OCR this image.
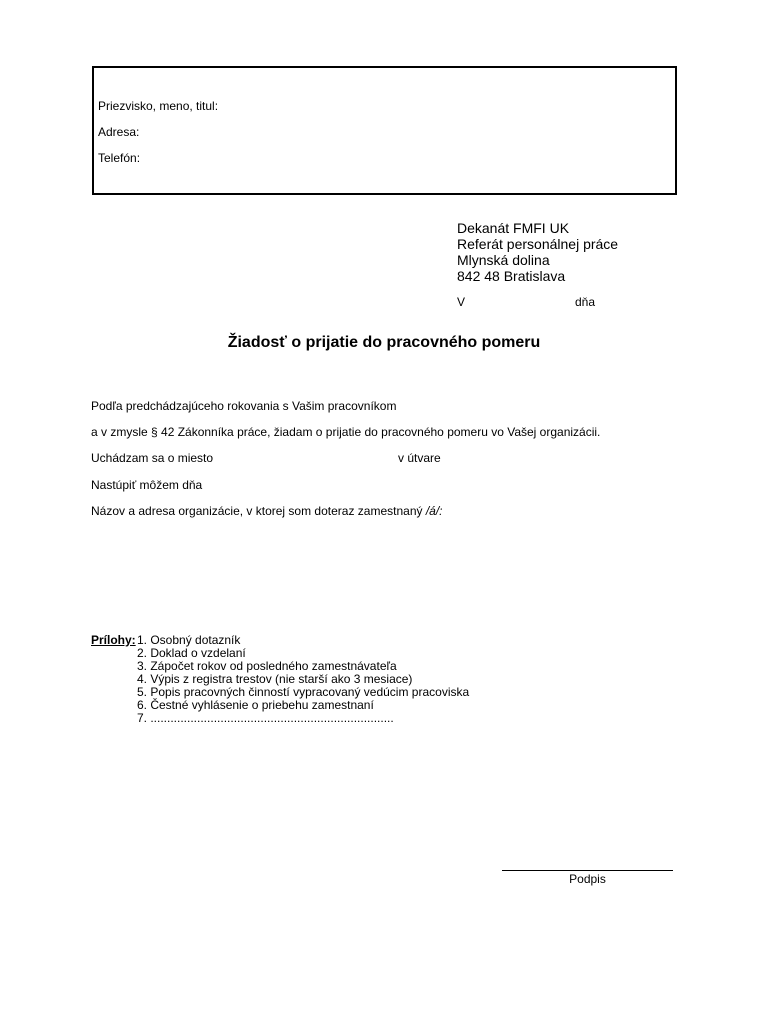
Priezvisko, meno, titul:
Adresa:
Telefón:
Dekanát FMFI UK
Referát personálnej práce
Mlynská dolina
842 48 Bratislava
V	dňa
Žiadosť o prijatie do pracovného pomeru
Podľa predchádzajúceho rokovania s Vašim pracovníkom
a v zmysle § 42 Zákonníka práce, žiadam o prijatie do pracovného pomeru vo Vašej organizácii.
Uchádzam sa o miesto	v útvare
Nastúpiť môžem dňa
Názov a adresa organizácie, v ktorej som doteraz zamestnaný /á/:
Prílohy: 1. Osobný dotazník
2. Doklad o vzdelaní
3. Zápočet rokov od posledného zamestnávateľa
4. Výpis z registra trestov (nie starší ako 3 mesiace)
5. Popis pracovných činností vypracovaný vedúcim pracoviska
6. Čestné vyhlásenie o priebehu zamestnaní
7. .........................................................................
Podpis
